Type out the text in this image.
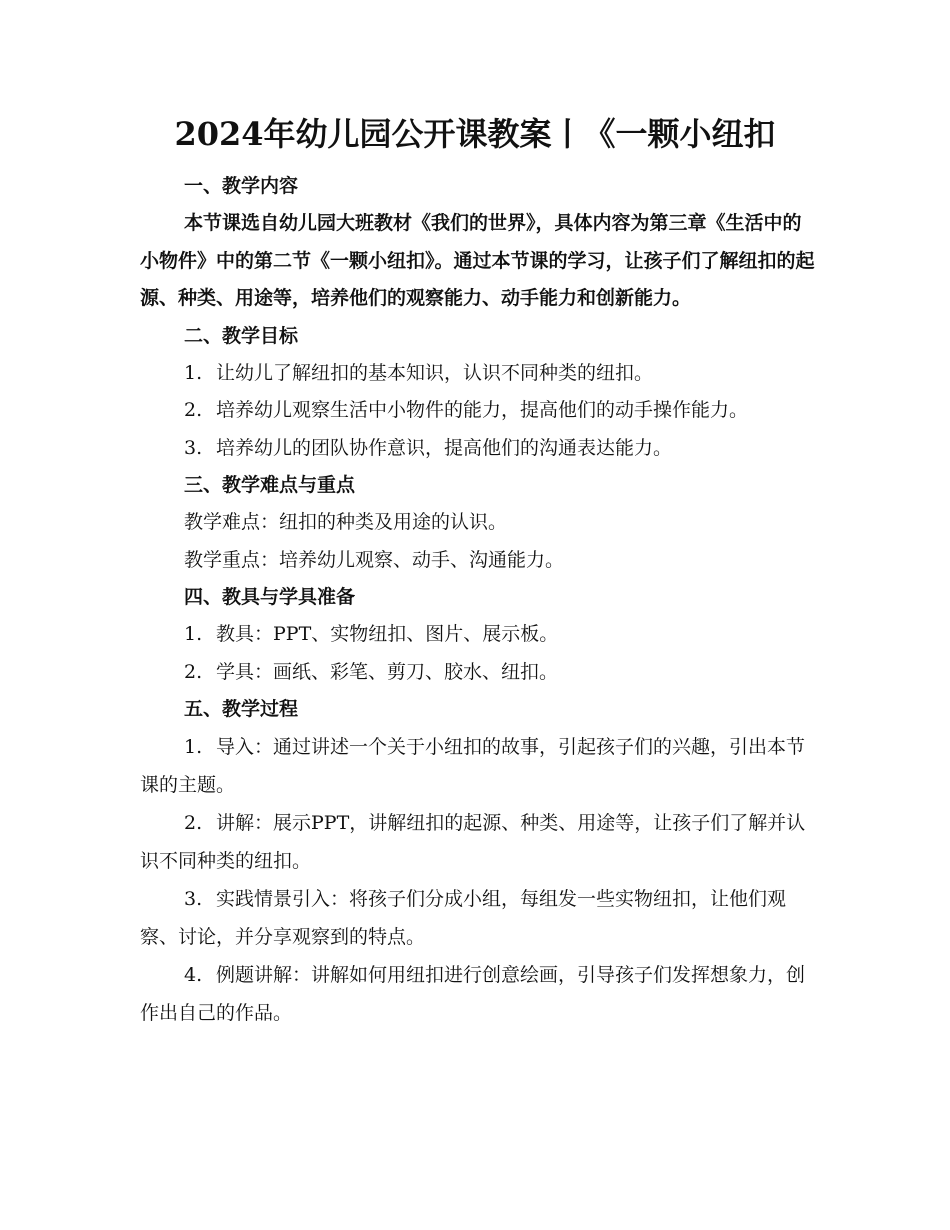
2024年幼儿园公开课教案丨《一颗小纽扣
一、教学内容

本节课选自幼儿园大班教材《我们的世界》，具体内容为第三章《生活中的小物件》中的第二节《一颗小纽扣》。通过本节课的学习，让孩子们了解纽扣的起源、种类、用途等，培养他们的观察能力、动手能力和创新能力。

二、教学目标
1. 让幼儿了解纽扣的基本知识，认识不同种类的纽扣。
2. 培养幼儿观察生活中小物件的能力，提高他们的动手操作能力。
3. 培养幼儿的团队协作意识，提高他们的沟通表达能力。
三、教学难点与重点
教学难点：纽扣的种类及用途的认识。
教学重点：培养幼儿观察、动手、沟通能力。
四、教具与学具准备
1. 教具：PPT、实物纽扣、图片、展示板。
2. 学具：画纸、彩笔、剪刀、胶水、纽扣。
五、教学过程

1. 导入：通过讲述一个关于小纽扣的故事，引起孩子们的兴趣，引出本节课的主题。

2. 讲解：展示PPT，讲解纽扣的起源、种类、用途等，让孩子们了解并认识不同种类的纽扣。

3. 实践情景引入：将孩子们分成小组，每组发一些实物纽扣，让他们观察、讨论，并分享观察到的特点。

4. 例题讲解：讲解如何用纽扣进行创意绘画，引导孩子们发挥想象力，创作出自己的作品。
